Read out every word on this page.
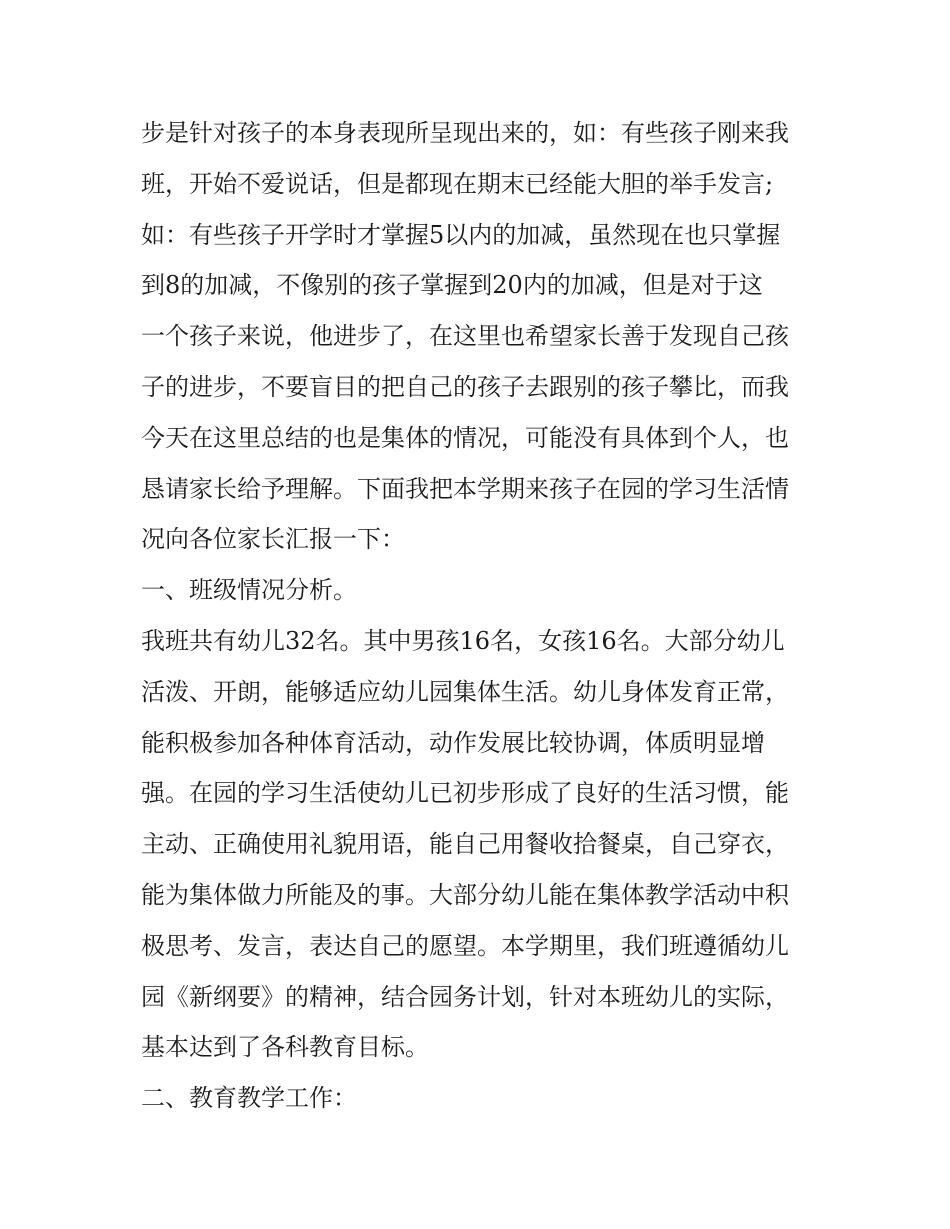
步是针对孩子的本身表现所呈现出来的，如：有些孩子刚来我

班，开始不爱说话，但是都现在期末已经能大胆的举手发言;

如：有些孩子开学时才掌握5以内的加减，虽然现在也只掌握

到8的加减，不像别的孩子掌握到20内的加减，但是对于这

一个孩子来说，他进步了，在这里也希望家长善于发现自己孩

子的进步，不要盲目的把自己的孩子去跟别的孩子攀比，而我

今天在这里总结的也是集体的情况，可能没有具体到个人，也

恳请家长给予理解。下面我把本学期来孩子在园的学习生活情

况向各位家长汇报一下：

一、班级情况分析。

我班共有幼儿32名。其中男孩16名，女孩16名。大部分幼儿

活泼、开朗，能够适应幼儿园集体生活。幼儿身体发育正常，

能积极参加各种体育活动，动作发展比较协调，体质明显增

强。在园的学习生活使幼儿已初步形成了良好的生活习惯，能

主动、正确使用礼貌用语，能自己用餐收拾餐桌，自己穿衣，

能为集体做力所能及的事。大部分幼儿能在集体教学活动中积

极思考、发言，表达自己的愿望。本学期里，我们班遵循幼儿

园《新纲要》的精神，结合园务计划，针对本班幼儿的实际，

基本达到了各科教育目标。

二、教育教学工作：
